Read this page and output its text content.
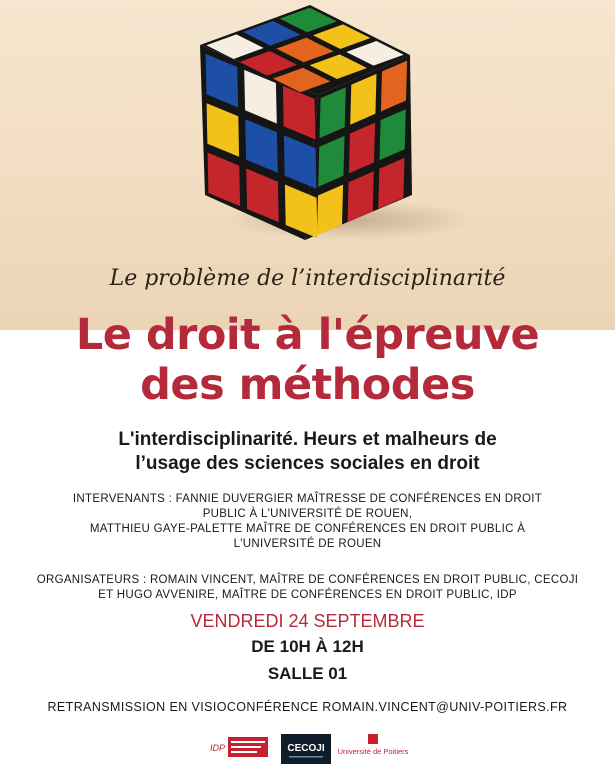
Le problème de l’interdisciplinarité
Le droit à l'épreuve
des méthodes
L'interdisciplinarité. Heurs et malheurs de
l’usage des sciences sociales en droit
INTERVENANTS : FANNIE DUVERGIER MAÎTRESSE DE CONFÉRENCES EN DROIT
PUBLIC À L'UNIVERSITÉ DE ROUEN,
MATTHIEU GAYE-PALETTE MAÎTRE DE CONFÉRENCES EN DROIT PUBLIC À
L'UNIVERSITÉ DE ROUEN
ORGANISATEURS : ROMAIN VINCENT, MAÎTRE DE CONFÉRENCES EN DROIT PUBLIC, CECOJI
ET HUGO AVVENIRE, MAÎTRE DE CONFÉRENCES EN DROIT PUBLIC, IDP
VENDREDI 24 SEPTEMBRE
DE 10H À 12H
SALLE 01
RETRANSMISSION EN VISIOCONFÉRENCE ROMAIN.VINCENT@UNIV-POITIERS.FR
IDP	CECOJI Université de Poitiers
